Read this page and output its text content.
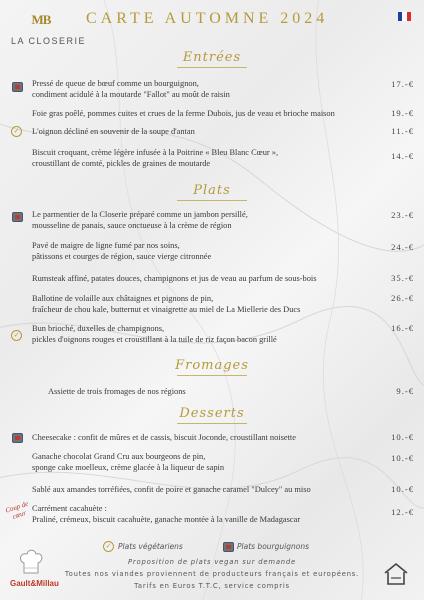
MB
LA CLOSERIE
CARTE AUTOMNE 2024
Entrées
Pressé de queue de bœuf comme un bourguignon,
condiment acidulé à la moutarde "Fallot" au moût de raisin
17.-€
Foie gras poêlé, pommes cuites et crues de la ferme Dubois, jus de veau et brioche maison	19.-€
✓	L'oignon décliné en souvenir de la soupe d'antan	11.-€
Biscuit croquant, crème légère infusée à la Poitrine « Bleu Blanc Cœur »,
croustillant de comté, pickles de graines de moutarde
14.-€
Plats
Le parmentier de la Closerie préparé comme un jambon persillé,
mousseline de panais, sauce onctueuse à la crème de région
23.-€
Pavé de maigre de ligne fumé par nos soins,
pâtissons et courges de région, sauce vierge citronnée
24.-€
Rumsteak affiné, patates douces, champignons et jus de veau au parfum de sous-bois	35.-€
Ballotine de volaille aux châtaignes et pignons de pin,
fraîcheur de chou kale, butternut et vinaigrette au miel de La Miellerie des Ducs
26.-€
✓
Bun brioché, duxelles de champignons,
pickles d'oignons rouges et croustillant à la tuile de riz façon bacon grillé
16.-€
Fromages
Assiette de trois fromages de nos régions	9.-€
Desserts
Cheesecake : confit de mûres et de cassis, biscuit Joconde, croustillant noisette	10.-€
Ganache chocolat Grand Cru aux bourgeons de pin,
sponge cake moelleux, crème glacée à la liqueur de sapin
10.-€
Sablé aux amandes torréfiées, confit de poire et ganache caramel "Dulcey" au miso	10.-€
Coup de cœur
Carrément cacahuète :
Praliné, crémeux, biscuit cacahuète, ganache montée à la vanille de Madagascar
12.-€
✓ Plats végétariens	Plats bourguignons
Proposition de plats vegan sur demande
Toutes nos viandes proviennent de producteurs français et européens.
Tarifs en Euros T.T.C, service compris
Gault&Millau
